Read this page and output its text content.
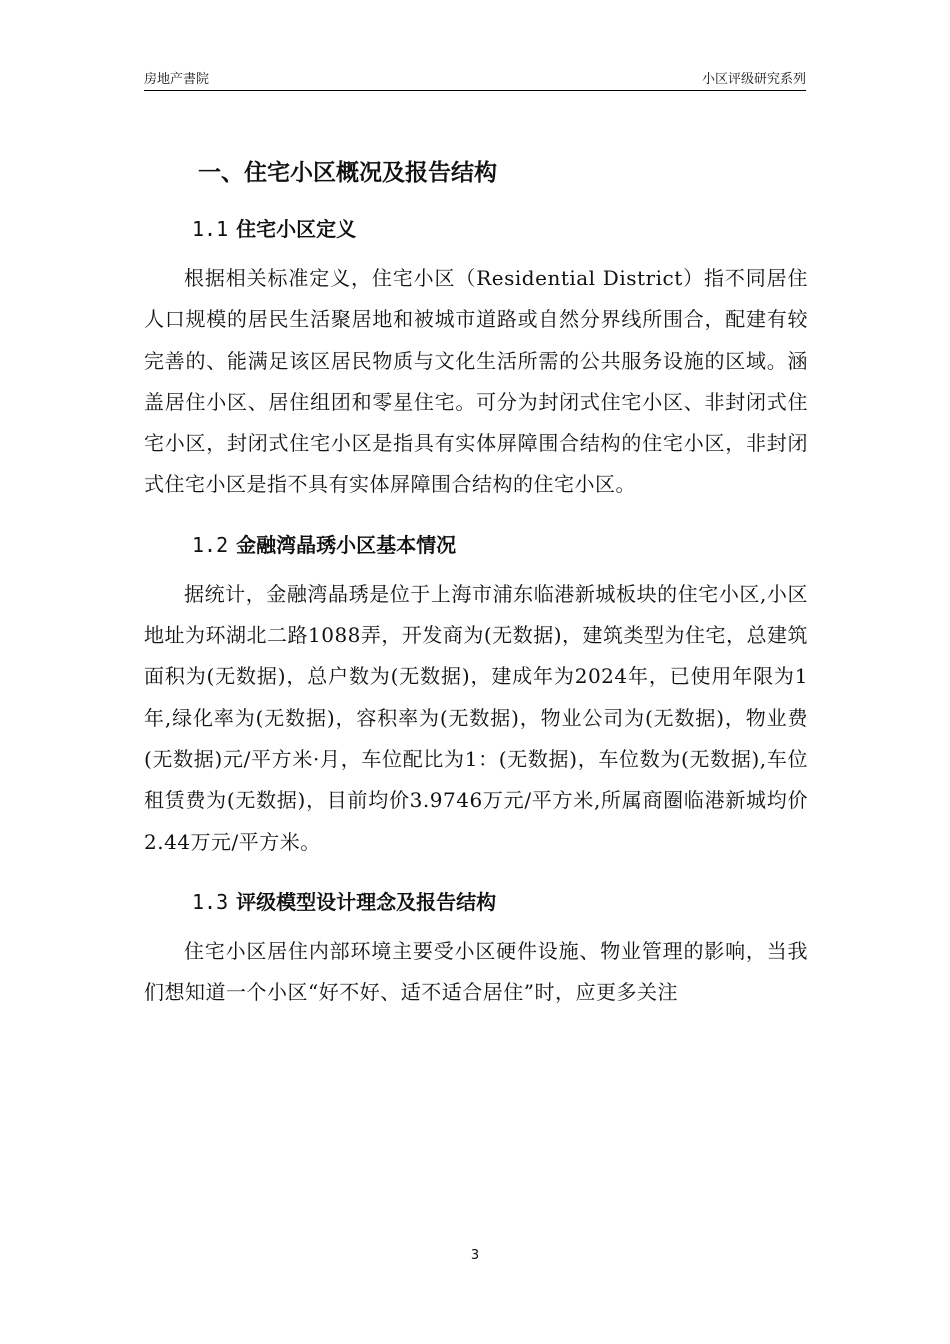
房地产書院	小区评级研究系列
一、住宅小区概况及报告结构
1.1 住宅小区定义

根据相关标准定义，住宅小区（Residential District）指不同居住人口规模的居民生活聚居地和被城市道路或自然分界线所围合，配建有较完善的、能满足该区居民物质与文化生活所需的公共服务设施的区域。涵盖居住小区、居住组团和零星住宅。可分为封闭式住宅小区、非封闭式住宅小区，封闭式住宅小区是指具有实体屏障围合结构的住宅小区，非封闭式住宅小区是指不具有实体屏障围合结构的住宅小区。

1.2 金融湾晶琇小区基本情况

据统计，金融湾晶琇是位于上海市浦东临港新城板块的住宅小区,小区地址为环湖北二路1088弄，开发商为(无数据)，建筑类型为住宅，总建筑面积为(无数据)，总户数为(无数据)，建成年为2024年，已使用年限为1年,绿化率为(无数据)，容积率为(无数据)，物业公司为(无数据)，物业费(无数据)元/平方米·月，车位配比为1：(无数据)，车位数为(无数据),车位租赁费为(无数据)，目前均价3.9746万元/平方米,所属商圈临港新城均价2.44万元/平方米。

1.3 评级模型设计理念及报告结构

住宅小区居住内部环境主要受小区硬件设施、物业管理的影响，当我们想知道一个小区“好不好、适不适合居住”时，应更多关注

3
